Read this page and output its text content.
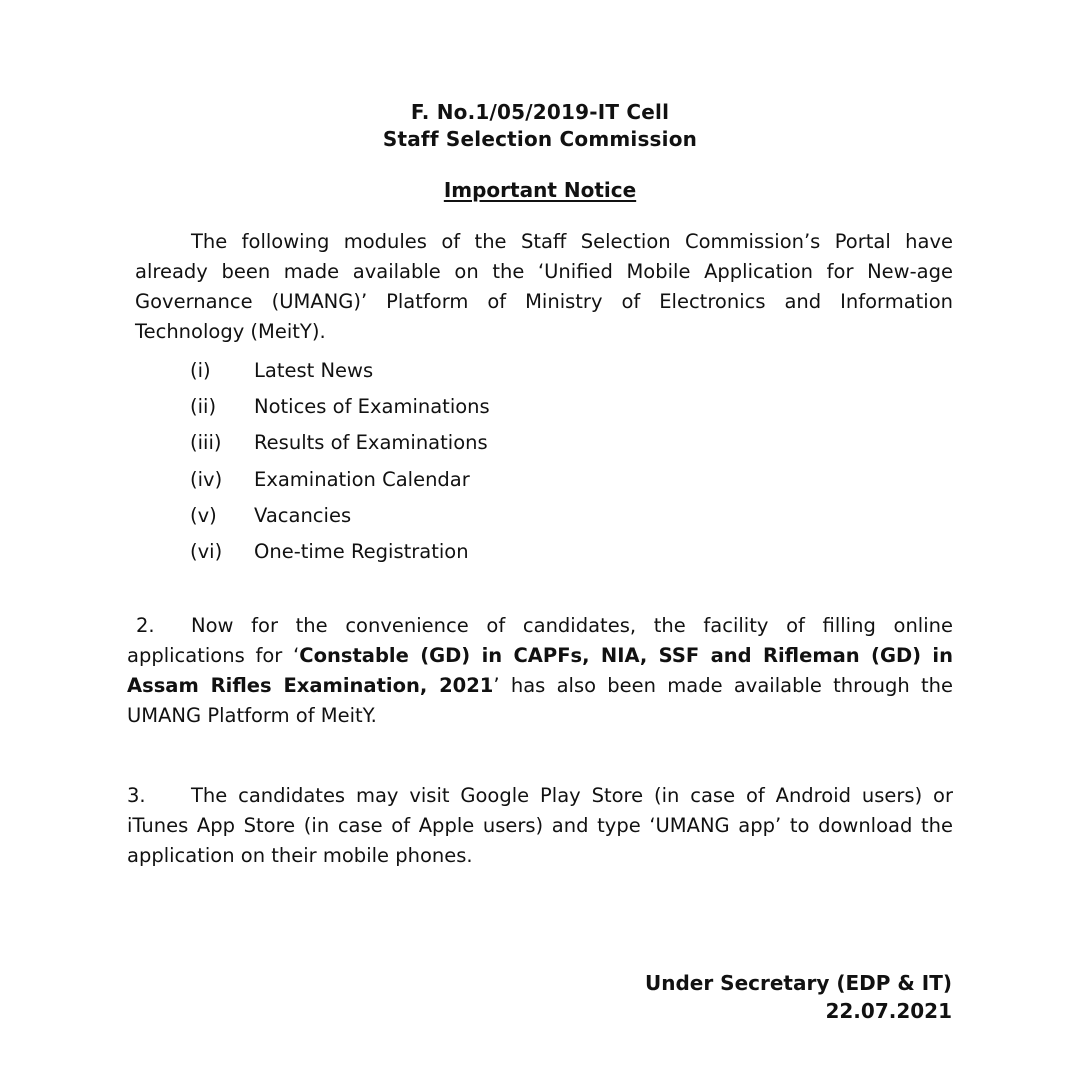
F. No.1/05/2019-IT Cell
Staff Selection Commission
Important Notice
The following modules of the Staff Selection Commission’s Portal have already been made available on the ‘Unified Mobile Application for New-age Governance (UMANG)’ Platform of Ministry of Electronics and Information Technology (MeitY).
(i)	Latest News
(ii)	Notices of Examinations
(iii)	Results of Examinations
(iv)	Examination Calendar
(v)	Vacancies
(vi)	One-time Registration
2. Now for the convenience of candidates, the facility of filling online applications for ‘Constable (GD) in CAPFs, NIA, SSF and Rifleman (GD) in Assam Rifles Examination, 2021’ has also been made available through the UMANG Platform of MeitY.
3. The candidates may visit Google Play Store (in case of Android users) or iTunes App Store (in case of Apple users) and type ‘UMANG app’ to download the application on their mobile phones.
Under Secretary (EDP & IT)
22.07.2021
